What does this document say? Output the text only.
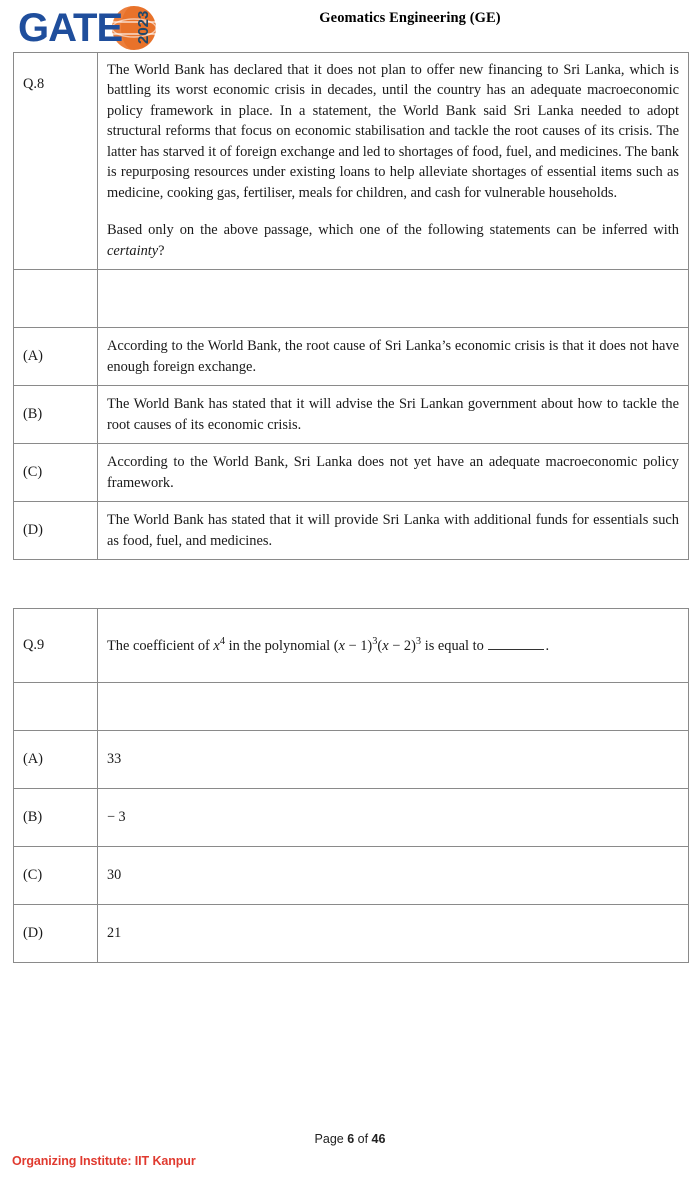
GATE 2023	Geomatics Engineering (GE)
Q.8	The World Bank has declared that it does not plan to offer new financing to Sri Lanka, which is battling its worst economic crisis in decades, until the country has an adequate macroeconomic policy framework in place. In a statement, the World Bank said Sri Lanka needed to adopt structural reforms that focus on economic stabilisation and tackle the root causes of its crisis. The latter has starved it of foreign exchange and led to shortages of food, fuel, and medicines. The bank is repurposing resources under existing loans to help alleviate shortages of essential items such as medicine, cooking gas, fertiliser, meals for children, and cash for vulnerable households.

Based only on the above passage, which one of the following statements can be inferred with certainty?

(A)	According to the World Bank, the root cause of Sri Lanka’s economic crisis is that it does not have enough foreign exchange.

(B)	The World Bank has stated that it will advise the Sri Lankan government about how to tackle the root causes of its economic crisis.

(C)	According to the World Bank, Sri Lanka does not yet have an adequate macroeconomic policy framework.

(D)	The World Bank has stated that it will provide Sri Lanka with additional funds for essentials such as food, fuel, and medicines.
Q.9	The coefficient of $x^4$ in the polynomial $(x - 1)^3(x - 2)^3$ is equal to .

(A)	33
(B)	− 3
(C)	30
(D)	21
Page 6 of 46
Organizing Institute: IIT Kanpur
